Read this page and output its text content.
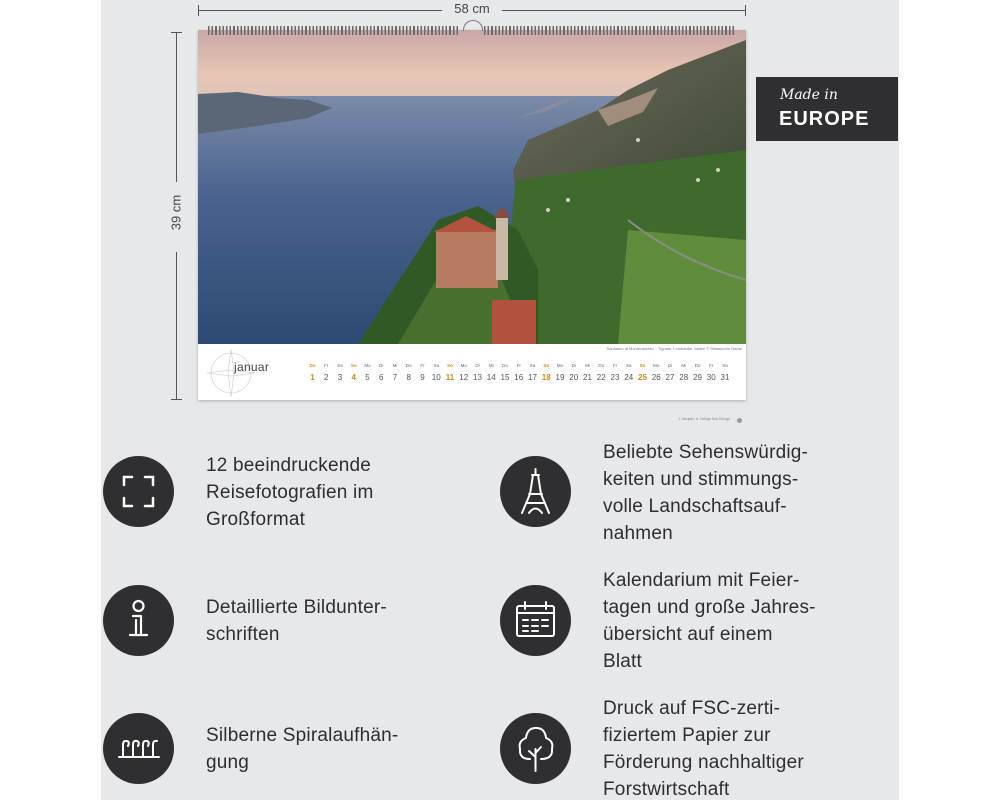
58 cm
39 cm
Santuario di Montecastello – Tignale, Lombardei, Italien © Bildautor/in Name
januar	Do
1
Fr
2
Sa
3
So
4
Mo
5
Di
6
Mi
7
Do
8
Fr
9
Sa
10
So
11
Mo
12
Di
13
Mi
14
Do
15
Fr
16
Sa
17
So
18
Mo
19
Di
20
Mi
21
Do
22
Fr
23
Sa
24
So
25
Mo
26
Di
27
Mi
28
Do
29
Fr
30
Sa
31
1. Neujahr, 6. Heilige Drei Könige
Made in
EUROPE
12 beeindruckende
Reisefotografien im
Großformat
Beliebte Sehenswürdig-
keiten und stimmungs-
volle Landschaftsauf-
nahmen
Detaillierte Bildunter-
schriften
Kalendarium mit Feier-
tagen und große Jahres-
übersicht auf einem
Blatt
Silberne Spiralaufhän-
gung
Druck auf FSC-zerti-
fiziertem Papier zur
Förderung nachhaltiger
Forstwirtschaft
